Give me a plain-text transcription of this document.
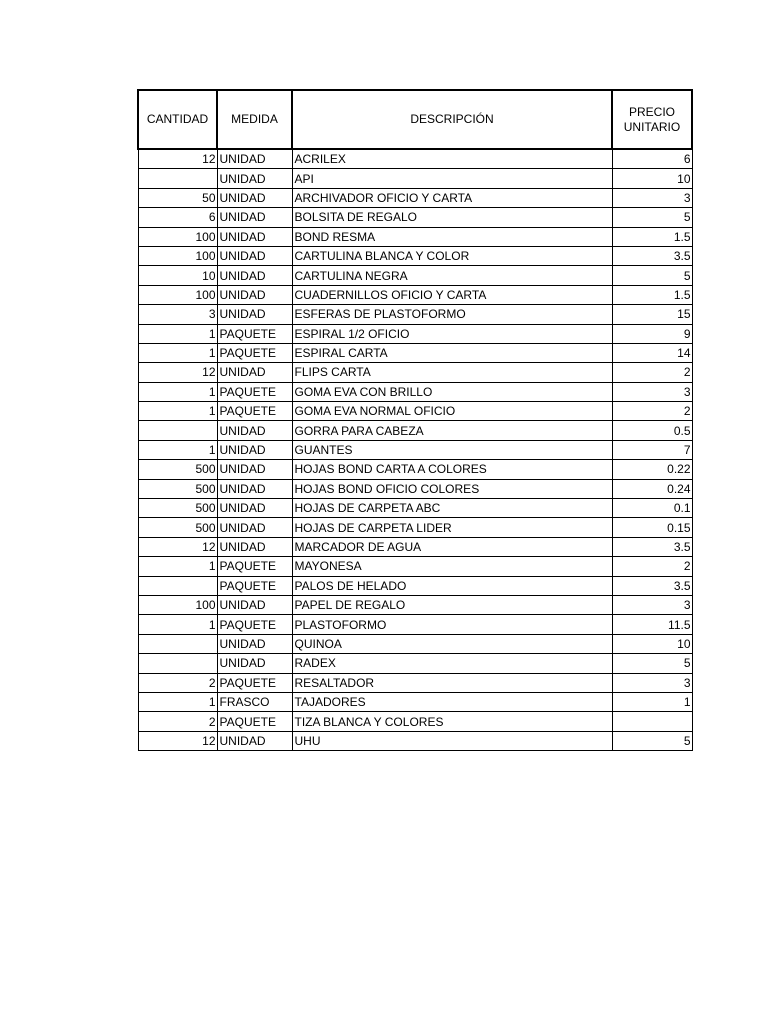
CANTIDAD	MEDIDA	DESCRIPCIÓN	PRECIO UNITARIO
12	UNIDAD	ACRILEX	6
	UNIDAD	API	10
50	UNIDAD	ARCHIVADOR OFICIO Y CARTA	3
6	UNIDAD	BOLSITA DE REGALO	5
100	UNIDAD	BOND RESMA	1.5
100	UNIDAD	CARTULINA BLANCA Y COLOR	3.5
10	UNIDAD	CARTULINA NEGRA	5
100	UNIDAD	CUADERNILLOS OFICIO Y CARTA	1.5
3	UNIDAD	ESFERAS DE PLASTOFORMO	15
1	PAQUETE	ESPIRAL 1/2 OFICIO	9
1	PAQUETE	ESPIRAL CARTA	14
12	UNIDAD	FLIPS CARTA	2
1	PAQUETE	GOMA EVA CON BRILLO	3
1	PAQUETE	GOMA EVA NORMAL OFICIO	2
	UNIDAD	GORRA PARA CABEZA	0.5
1	UNIDAD	GUANTES	7
500	UNIDAD	HOJAS BOND CARTA A COLORES	0.22
500	UNIDAD	HOJAS BOND OFICIO COLORES	0.24
500	UNIDAD	HOJAS DE CARPETA ABC	0.1
500	UNIDAD	HOJAS DE CARPETA LIDER	0.15
12	UNIDAD	MARCADOR DE AGUA	3.5
1	PAQUETE	MAYONESA	2
	PAQUETE	PALOS DE HELADO	3.5
100	UNIDAD	PAPEL DE REGALO	3
1	PAQUETE	PLASTOFORMO	11.5
	UNIDAD	QUINOA	10
	UNIDAD	RADEX	5
2	PAQUETE	RESALTADOR	3
1	FRASCO	TAJADORES	1
2	PAQUETE	TIZA BLANCA Y COLORES	
12	UNIDAD	UHU	5
